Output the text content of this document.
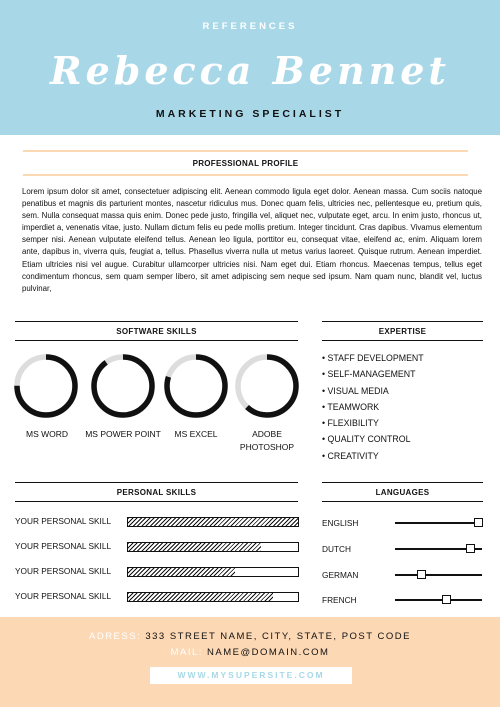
REFERENCES
Rebecca Bennet
MARKETING SPECIALIST
PROFESSIONAL PROFILE

Lorem ipsum dolor sit amet, consectetuer adipiscing elit. Aenean commodo ligula eget dolor. Aenean massa. Cum sociis natoque penatibus et magnis dis parturient montes, nascetur ridiculus mus. Donec quam felis, ultricies nec, pellentesque eu, pretium quis, sem. Nulla consequat massa quis enim. Donec pede justo, fringilla vel, aliquet nec, vulputate eget, arcu. In enim justo, rhoncus ut, imperdiet a, venenatis vitae, justo. Nullam dictum felis eu pede mollis pretium. Integer tincidunt. Cras dapibus. Vivamus elementum semper nisi. Aenean vulputate eleifend tellus. Aenean leo ligula, porttitor eu, consequat vitae, eleifend ac, enim. Aliquam lorem ante, dapibus in, viverra quis, feugiat a, tellus. Phasellus viverra nulla ut metus varius laoreet. Quisque rutrum. Aenean imperdiet. Etiam ultricies nisi vel augue. Curabitur ullamcorper ultricies nisi. Nam eget dui. Etiam rhoncus. Maecenas tempus, tellus eget condimentum rhoncus, sem quam semper libero, sit amet adipiscing sem neque sed ipsum. Nam quam nunc, blandit vel, luctus pulvinar,

SOFTWARE SKILLS
MS WORD	MS POWER POINT	MS EXCEL	ADOBE PHOTOSHOP
EXPERTISE
• STAFF DEVELOPMENT
• SELF-MANAGEMENT
• VISUAL MEDIA
• TEAMWORK
• FLEXIBILITY
• QUALITY CONTROL
• CREATIVITY
PERSONAL SKILLS
YOUR PERSONAL SKILL
YOUR PERSONAL SKILL
YOUR PERSONAL SKILL
YOUR PERSONAL SKILL
LANGUAGES
ENGLISH
DUTCH
GERMAN
FRENCH
ADRESS: 333 STREET NAME, CITY, STATE, POST CODE
MAIL: NAME@DOMAIN.COM
WWW.MYSUPERSITE.COM
